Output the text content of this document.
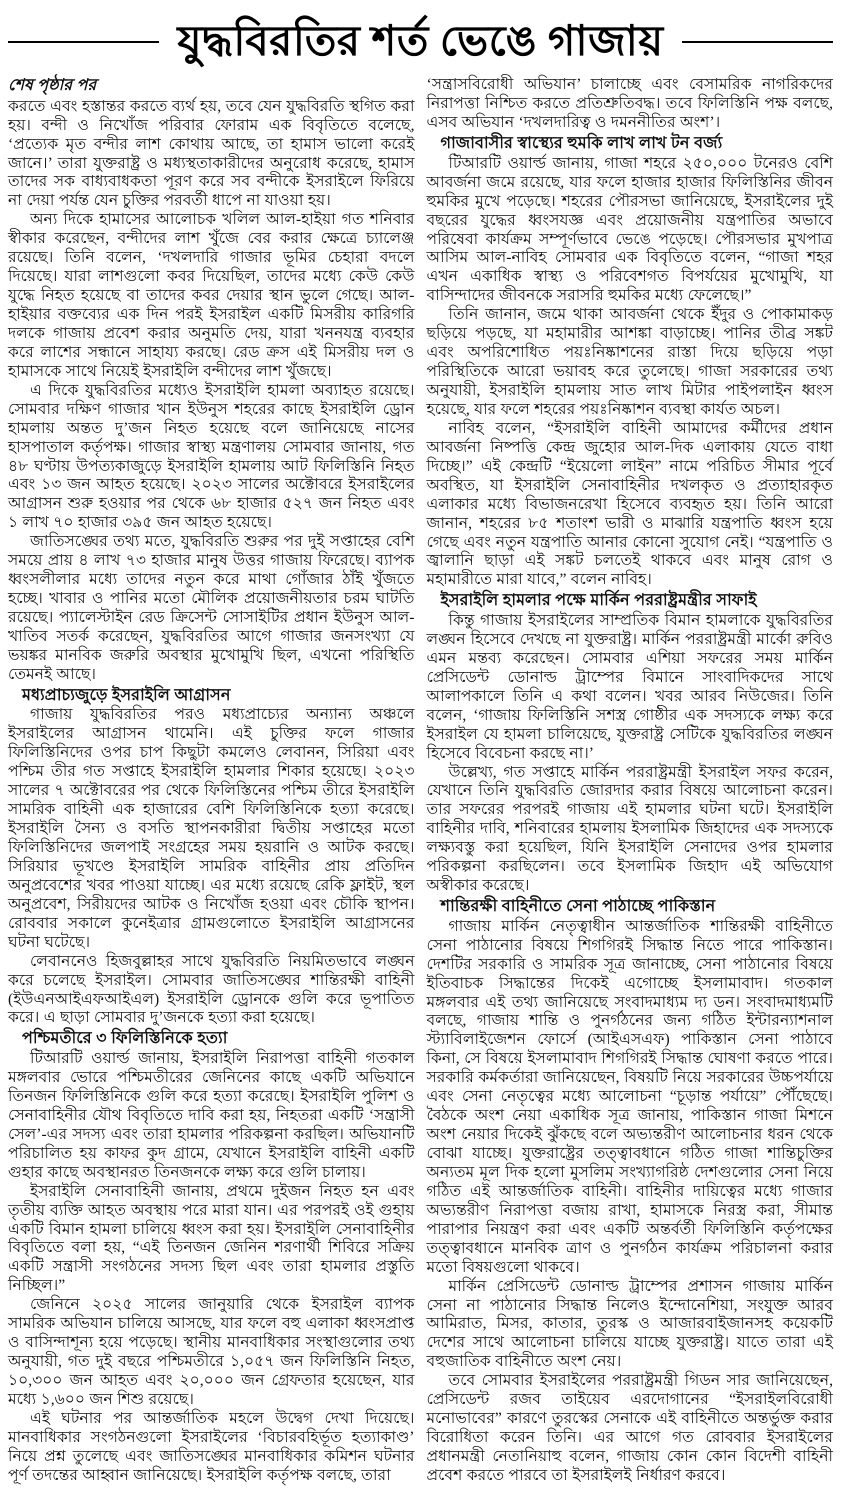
যুদ্ধবিরতির শর্ত ভেঙে গাজায়

শেষ পৃষ্ঠার পর

করতে এবং হস্তান্তর করতে ব্যর্থ হয়, তবে যেন যুদ্ধবিরতি স্থগিত করা হয়। বন্দী ও নিখোঁজ পরিবার ফোরাম এক বিবৃতিতে বলেছে, ‘প্রত্যেক মৃত বন্দীর লাশ কোথায় আছে, তা হামাস ভালো করেই জানে।’ তারা যুক্তরাষ্ট্র ও মধ্যস্থতাকারীদের অনুরোধ করেছে, হামাস তাদের সক বাধ্যবাধকতা পূরণ করে সব বন্দীকে ইসরাইলে ফিরিয়ে না দেয়া পর্যন্ত যেন চুক্তির পরবর্তী ধাপে না যাওয়া হয়।

অন্য দিকে হামাসের আলোচক খলিল আল-হাইয়া গত শনিবার স্বীকার করেছেন, বন্দীদের লাশ খুঁজে বের করার ক্ষেত্রে চ্যালেঞ্জ রয়েছে। তিনি বলেন, ‘দখলদারি গাজার ভূমির চেহারা বদলে দিয়েছে। যারা লাশগুলো কবর দিয়েছিল, তাদের মধ্যে কেউ কেউ যুদ্ধে নিহত হয়েছে বা তাদের কবর দেয়ার স্থান ভুলে গেছে। আল-হাইয়ার বক্তব্যের এক দিন পরই ইসরাইল একটি মিসরীয় কারিগরি দলকে গাজায় প্রবেশ করার অনুমতি দেয়, যারা খননযন্ত্র ব্যবহার করে লাশের সন্ধানে সাহায্য করছে। রেড ক্রস এই মিসরীয় দল ও হামাসকে সাথে নিয়েই ইসরাইলি বন্দীদের লাশ খুঁজছে।

এ দিকে যুদ্ধবিরতির মধ্যেও ইসরাইলি হামলা অব্যাহত রয়েছে। সোমবার দক্ষিণ গাজার খান ইউনুস শহরের কাছে ইসরাইলি ড্রোন হামলায় অন্তত দু’জন নিহত হয়েছে বলে জানিয়েছে নাসের হাসপাতাল কর্তৃপক্ষ। গাজার স্বাস্থ্য মন্ত্রণালয় সোমবার জানায়, গত ৪৮ ঘণ্টায় উপত্যকাজুড়ে ইসরাইলি হামলায় আট ফিলিস্তিনি নিহত এবং ১৩ জন আহত হয়েছে। ২০২৩ সালের অক্টোবরে ইসরাইলের আগ্রাসন শুরু হওয়ার পর থেকে ৬৮ হাজার ৫২৭ জন নিহত এবং ১ লাখ ৭০ হাজার ৩৯৫ জন আহত হয়েছে।

জাতিসঙ্ঘের তথ্য মতে, যুদ্ধবিরতি শুরুর পর দুই সপ্তাহের বেশি সময়ে প্রায় ৪ লাখ ৭৩ হাজার মানুষ উত্তর গাজায় ফিরেছে। ব্যাপক ধ্বংসলীলার মধ্যে তাদের নতুন করে মাথা গোঁজার ঠাঁই খুঁজতে হচ্ছে। খাবার ও পানির মতো মৌলিক প্রয়োজনীয়তার চরম ঘাটতি রয়েছে। প্যালেস্টাইন রেড ক্রিসেন্ট সোসাইটির প্রধান ইউনুস আল-খাতিব সতর্ক করেছেন, যুদ্ধবিরতির আগে গাজার জনসংখ্যা যে ভয়ঙ্কর মানবিক জরুরি অবস্থার মুখোমুখি ছিল, এখনো পরিস্থিতি তেমনই আছে।

মধ্যপ্রাচ্যজুড়ে ইসরাইলি আগ্রাসন

গাজায় যুদ্ধবিরতির পরও মধ্যপ্রাচ্যের অন্যান্য অঞ্চলে ইসরাইলের আগ্রাসন থামেনি। এই চুক্তির ফলে গাজার ফিলিস্তিনিদের ওপর চাপ কিছুটা কমলেও লেবানন, সিরিয়া এবং পশ্চিম তীর গত সপ্তাহে ইসরাইলি হামলার শিকার হয়েছে। ২০২৩ সালের ৭ অক্টোবরের পর থেকে ফিলিস্তিনের পশ্চিম তীরে ইসরাইলি সামরিক বাহিনী এক হাজারের বেশি ফিলিস্তিনিকে হত্যা করেছে। ইসরাইলি সৈন্য ও বসতি স্থাপনকারীরা দ্বিতীয় সপ্তাহের মতো ফিলিস্তিনিদের জলপাই সংগ্রহের সময় হয়রানি ও আটক করছে। সিরিয়ার ভূখণ্ডে ইসরাইলি সামরিক বাহিনীর প্রায় প্রতিদিন অনুপ্রবেশের খবর পাওয়া যাচ্ছে। এর মধ্যে রয়েছে রেকি ফ্লাইট, স্থল অনুপ্রবেশ, সিরীয়দের আটক ও নিখোঁজ হওয়া এবং চৌকি স্থাপন। রোববার সকালে কুনেইত্রার গ্রামগুলোতে ইসরাইলি আগ্রাসনের ঘটনা ঘটেছে।

লেবাননেও হিজবুল্লাহর সাথে যুদ্ধবিরতি নিয়মিতভাবে লঙ্ঘন করে চলেছে ইসরাইল। সোমবার জাতিসঙ্ঘের শান্তিরক্ষী বাহিনী (ইউএনআইএফআইএল) ইসরাইলি ড্রোনকে গুলি করে ভূপাতিত করে। এ ছাড়া সোমবার দু’জনকে হত্যা করা হয়েছে।

পশ্চিমতীরে ৩ ফিলিস্তিনিকে হত্যা

টিআরটি ওয়ার্ল্ড জানায়, ইসরাইলি নিরাপত্তা বাহিনী গতকাল মঙ্গলবার ভোরে পশ্চিমতীরের জেনিনের কাছে একটি অভিযানে তিনজন ফিলিস্তিনিকে গুলি করে হত্যা করেছে। ইসরাইলি পুলিশ ও সেনাবাহিনীর যৌথ বিবৃতিতে দাবি করা হয়, নিহতরা একটি ‘সন্ত্রাসী সেল’-এর সদস্য এবং তারা হামলার পরিকল্পনা করছিল। অভিযানটি পরিচালিত হয় কাফর কুদ গ্রামে, যেখানে ইসরাইলি বাহিনী একটি গুহার কাছে অবস্থানরত তিনজনকে লক্ষ্য করে গুলি চালায়।

ইসরাইলি সেনাবাহিনী জানায়, প্রথমে দুইজন নিহত হন এবং তৃতীয় ব্যক্তি আহত অবস্থায় পরে মারা যান। এর পরপরই ওই গুহায় একটি বিমান হামলা চালিয়ে ধ্বংস করা হয়। ইসরাইলি সেনাবাহিনীর বিবৃতিতে বলা হয়, “এই তিনজন জেনিন শরণার্থী শিবিরে সক্রিয় একটি সন্ত্রাসী সংগঠনের সদস্য ছিল এবং তারা হামলার প্রস্তুতি নিচ্ছিল।”

জেনিনে ২০২৫ সালের জানুয়ারি থেকে ইসরাইল ব্যাপক সামরিক অভিযান চালিয়ে আসছে, যার ফলে বহু এলাকা ধ্বংসপ্রাপ্ত ও বাসিন্দাশূন্য হয়ে পড়েছে। স্থানীয় মানবাধিকার সংস্থাগুলোর তথ্য অনুযায়ী, গত দুই বছরে পশ্চিমতীরে ১,০৫৭ জন ফিলিস্তিনি নিহত, ১০,৩০০ জন আহত এবং ২০,০০০ জন গ্রেফতার হয়েছেন, যার মধ্যে ১,৬০০ জন শিশু রয়েছে।

এই ঘটনার পর আন্তর্জাতিক মহলে উদ্বেগ দেখা দিয়েছে। মানবাধিকার সংগঠনগুলো ইসরাইলের ‘বিচারবহির্ভূত হত্যাকাণ্ড’ নিয়ে প্রশ্ন তুলেছে এবং জাতিসঙ্ঘের মানবাধিকার কমিশন ঘটনার পূর্ণ তদন্তের আহ্বান জানিয়েছে। ইসরাইলি কর্তৃপক্ষ বলছে, তারা

‘সন্ত্রাসবিরোধী অভিযান’ চালাচ্ছে এবং বেসামরিক নাগরিকদের নিরাপত্তা নিশ্চিত করতে প্রতিশ্রুতিবদ্ধ। তবে ফিলিস্তিনি পক্ষ বলছে, এসব অভিযান ‘দখলদারিত্ব ও দমননীতির অংশ’।

গাজাবাসীর স্বাস্থ্যের হুমকি লাখ লাখ টন বর্জ্য

টিআরটি ওয়ার্ল্ড জানায়, গাজা শহরে ২৫০,০০০ টনেরও বেশি আবর্জনা জমে রয়েছে, যার ফলে হাজার হাজার ফিলিস্তিনির জীবন হুমকির মুখে পড়েছে। শহরের পৌরসভা জানিয়েছে, ইসরাইলের দুই বছরের যুদ্ধের ধ্বংসযজ্ঞ এবং প্রয়োজনীয় যন্ত্রপাতির অভাবে পরিষেবা কার্যক্রম সম্পূর্ণভাবে ভেঙে পড়েছে। পৌরসভার মুখপাত্র আসিম আল-নাবিহ সোমবার এক বিবৃতিতে বলেন, “গাজা শহর এখন একাধিক স্বাস্থ্য ও পরিবেশগত বিপর্যয়ের মুখোমুখি, যা বাসিন্দাদের জীবনকে সরাসরি হুমকির মধ্যে ফেলেছে।”

তিনি জানান, জমে থাকা আবর্জনা থেকে ইঁদুর ও পোকামাকড় ছড়িয়ে পড়ছে, যা মহামারীর আশঙ্কা বাড়াচ্ছে। পানির তীব্র সঙ্কট এবং অপরিশোধিত পয়ঃনিষ্কাশনের রাস্তা দিয়ে ছড়িয়ে পড়া পরিস্থিতিকে আরো ভয়াবহ করে তুলেছে। গাজা সরকারের তথ্য অনুযায়ী, ইসরাইলি হামলায় সাত লাখ মিটার পাইপলাইন ধ্বংস হয়েছে, যার ফলে শহরের পয়ঃনিষ্কাশন ব্যবস্থা কার্যত অচল।

নাবিহ বলেন, “ইসরাইলি বাহিনী আমাদের কর্মীদের প্রধান আবর্জনা নিষ্পত্তি কেন্দ্র জুহোর আল-দিক এলাকায় যেতে বাধা দিচ্ছে।” এই কেন্দ্রটি “ইয়েলো লাইন” নামে পরিচিত সীমার পূর্বে অবস্থিত, যা ইসরাইলি সেনাবাহিনীর দখলকৃত ও প্রত্যাহারকৃত এলাকার মধ্যে বিভাজনরেখা হিসেবে ব্যবহৃত হয়। তিনি আরো জানান, শহরের ৮৫ শতাংশ ভারী ও মাঝারি যন্ত্রপাতি ধ্বংস হয়ে গেছে এবং নতুন যন্ত্রপাতি আনার কোনো সুযোগ নেই। “যন্ত্রপাতি ও জ্বালানি ছাড়া এই সঙ্কট চলতেই থাকবে এবং মানুষ রোগ ও মহামারীতে মারা যাবে,” বলেন নাবিহ।

ইসরাইলি হামলার পক্ষে মার্কিন পররাষ্ট্রমন্ত্রীর সাফাই

কিন্তু গাজায় ইসরাইলের সাম্প্রতিক বিমান হামলাকে যুদ্ধবিরতির লঙ্ঘন হিসেবে দেখছে না যুক্তরাষ্ট্র। মার্কিন পররাষ্ট্রমন্ত্রী মার্কো রুবিও এমন মন্তব্য করেছেন। সোমবার এশিয়া সফরের সময় মার্কিন প্রেসিডেন্ট ডোনাল্ড ট্রাম্পের বিমানে সাংবাদিকদের সাথে আলাপকালে তিনি এ কথা বলেন। খবর আরব নিউজের। তিনি বলেন, ‘গাজায় ফিলিস্তিনি সশস্ত্র গোষ্ঠীর এক সদস্যকে লক্ষ্য করে ইসরাইল যে হামলা চালিয়েছে, যুক্তরাষ্ট্র সেটিকে যুদ্ধবিরতির লঙ্ঘন হিসেবে বিবেচনা করছে না।’

উল্লেখ্য, গত সপ্তাহে মার্কিন পররাষ্ট্রমন্ত্রী ইসরাইল সফর করেন, যেখানে তিনি যুদ্ধবিরতি জোরদার করার বিষয়ে আলোচনা করেন। তার সফরের পরপরই গাজায় এই হামলার ঘটনা ঘটে। ইসরাইলি বাহিনীর দাবি, শনিবারের হামলায় ইসলামিক জিহাদের এক সদস্যকে লক্ষ্যবস্তু করা হয়েছিল, যিনি ইসরাইলি সেনাদের ওপর হামলার পরিকল্পনা করছিলেন। তবে ইসলামিক জিহাদ এই অভিযোগ অস্বীকার করেছে।

শান্তিরক্ষী বাহিনীতে সেনা পাঠাচ্ছে পাকিস্তান

গাজায় মার্কিন নেতৃত্বাধীন আন্তর্জাতিক শান্তিরক্ষী বাহিনীতে সেনা পাঠানোর বিষয়ে শিগগিরই সিদ্ধান্ত নিতে পারে পাকিস্তান। দেশটির সরকারি ও সামরিক সূত্র জানাচ্ছে, সেনা পাঠানোর বিষয়ে ইতিবাচক সিদ্ধান্তের দিকেই এগোচ্ছে ইসলামাবাদ। গতকাল মঙ্গলবার এই তথ্য জানিয়েছে সংবাদমাধ্যম দ্য ডন। সংবাদমাধ্যমটি বলছে, গাজায় শান্তি ও পুনর্গঠনের জন্য গঠিত ইন্টারন্যাশনাল স্ট্যাবিলাইজেশন ফোর্সে (আইএসএফ) পাকিস্তান সেনা পাঠাবে কিনা, সে বিষয়ে ইসলামাবাদ শিগগিরই সিদ্ধান্ত ঘোষণা করতে পারে। সরকারি কর্মকর্তারা জানিয়েছেন, বিষয়টি নিয়ে সরকারের উচ্চপর্যায়ে এবং সেনা নেতৃত্বের মধ্যে আলোচনা “চূড়ান্ত পর্যায়ে” পৌঁছেছে। বৈঠকে অংশ নেয়া একাধিক সূত্র জানায়, পাকিস্তান গাজা মিশনে অংশ নেয়ার দিকেই ঝুঁকছে বলে অভ্যন্তরীণ আলোচনার ধরন থেকে বোঝা যাচ্ছে। যুক্তরাষ্ট্রের তত্ত্বাবধানে গঠিত গাজা শান্তিচুক্তির অন্যতম মূল দিক হলো মুসলিম সংখ্যাগরিষ্ঠ দেশগুলোর সেনা নিয়ে গঠিত এই আন্তর্জাতিক বাহিনী। বাহিনীর দায়িত্বের মধ্যে গাজার অভ্যন্তরীণ নিরাপত্তা বজায় রাখা, হামাসকে নিরস্ত্র করা, সীমান্ত পারাপার নিয়ন্ত্রণ করা এবং একটি অন্তর্বর্তী ফিলিস্তিনি কর্তৃপক্ষের তত্ত্বাবধানে মানবিক ত্রাণ ও পুনর্গঠন কার্যক্রম পরিচালনা করার মতো বিষয়গুলো থাকবে।

মার্কিন প্রেসিডেন্ট ডোনাল্ড ট্রাম্পের প্রশাসন গাজায় মার্কিন সেনা না পাঠানোর সিদ্ধান্ত নিলেও ইন্দোনেশিয়া, সংযুক্ত আরব আমিরাত, মিসর, কাতার, তুরস্ক ও আজারবাইজানসহ কয়েকটি দেশের সাথে আলোচনা চালিয়ে যাচ্ছে যুক্তরাষ্ট্র। যাতে তারা এই বহুজাতিক বাহিনীতে অংশ নেয়।

তবে সোমবার ইসরাইলের পররাষ্ট্রমন্ত্রী গিডন সার জানিয়েছেন, প্রেসিডেন্ট রজব তাইয়েব এরদোগানের “ইসরাইলবিরোধী মনোভাবের” কারণে তুরস্কের সেনাকে এই বাহিনীতে অন্তর্ভুক্ত করার বিরোধিতা করেন তিনি। এর আগে গত রোববার ইসরাইলের প্রধানমন্ত্রী নেতানিয়াহু বলেন, গাজায় কোন কোন বিদেশী বাহিনী প্রবেশ করতে পারবে তা ইসরাইলই নির্ধারণ করবে।
